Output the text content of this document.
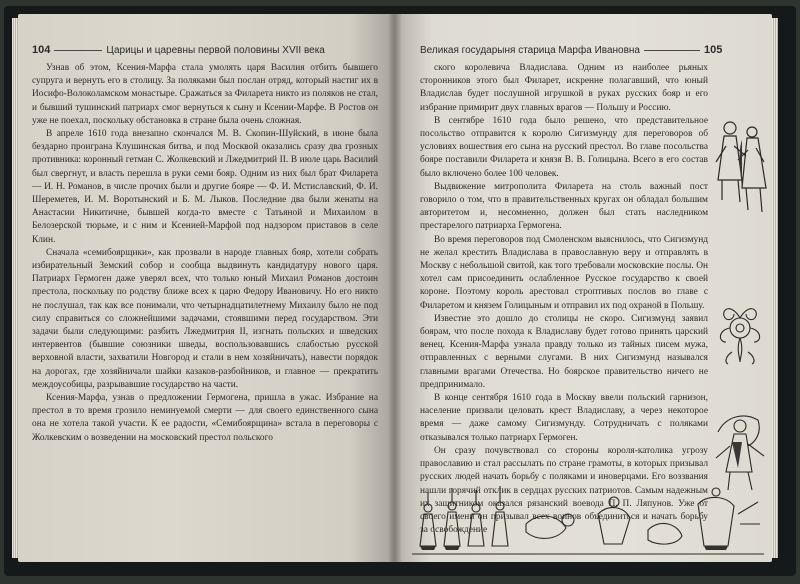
104	Царицы и царевны первой половины XVII века

Узнав об этом, Ксения-Марфа стала умолять царя Василия отбить бывшего супруга и вернуть его в столицу. За поляками был послан отряд, который настиг их в Иосифо-Волоколамском монастыре. Сражаться за Филарета никто из поляков не стал, и бывший тушинский патриарх смог вернуться к сыну и Ксении-Марфе. В Ростов он уже не поехал, поскольку обстановка в стране была очень сложная.

В апреле 1610 года внезапно скончался М. В. Скопин-Шуйский, в июне была бездарно проиграна Клушинская битва, и под Москвой оказались сразу два грозных противника: коронный гетман С. Жолкевский и Лжедмитрий II. В июле царь Василий был свергнут, и власть перешла в руки семи бояр. Одним из них был брат Филарета — И. Н. Романов, в числе прочих были и другие бояре — Ф. И. Мстиславский, Ф. И. Шереметев, И. М. Воротынский и Б. М. Лыков. Последние два были женаты на Анастасии Никитичне, бывшей когда-то вместе с Татьяной и Михаилом в Белозерской тюрьме, и с ним и Ксенией-Марфой под надзором приставов в селе Клин.

Сначала «семибоярщики», как прозвали в народе главных бояр, хотели собрать избирательный Земский собор и сообща выдвинуть кандидатуру нового царя. Патриарх Гермоген даже уверял всех, что только юный Михаил Романов достоин престола, поскольку по родству ближе всех к царю Федору Ивановичу. Но его никто не послушал, так как все понимали, что четырнадцатилетнему Михаилу было не под силу справиться со сложнейшими задачами, стоявшими перед государством. Эти задачи были следующими: разбить Лжедмитрия II, изгнать польских и шведских интервентов (бывшие союзники шведы, воспользовавшись слабостью русской верховной власти, захватили Новгород и стали в нем хозяйничать), навести порядок на дорогах, где хозяйничали шайки казаков-разбойников, и главное — прекратить междоусобицы, разрывавшие государство на части.

Ксения-Марфа, узнав о предложении Гермогена, пришла в ужас. Избрание на престол в то время грозило неминуемой смерти — для своего единственного сына она не хотела такой участи. К ее радости, «Семибоярщина» встала в переговоры с Жолкевским о возведении на московский престол польского

Великая государыня старица Марфа Ивановна	105

ского королевича Владислава. Одним из наиболее рьяных сторонников этого был Филарет, искренне полагавший, что юный Владислав будет послушной игрушкой в руках русских бояр и его избрание примирит двух главных врагов — Польшу и Россию.

В сентябре 1610 года было решено, что представительное посольство отправится к королю Сигизмунду для переговоров об условиях вошествия его сына на русский престол. Во главе посольства бояре поставили Филарета и князя В. В. Голицына. Всего в его состав было включено более 100 человек.

Выдвижение митрополита Филарета на столь важный пост говорило о том, что в правительственных кругах он обладал большим авторитетом и, несомненно, должен был стать наследником престарелого патриарха Гермогена.

Во время переговоров под Смоленском выяснилось, что Сигизмунд не желал крестить Владислава в православную веру и отправлять в Москву с небольшой свитой, как того требовали московские послы. Он хотел сам присоединить ослабленное Русское государство к своей короне. Поэтому король арестовал строптивых послов во главе с Филаретом и князем Голицыным и отправил их под охраной в Польшу.

Известие это дошло до столицы не скоро. Сигизмунд заявил боярам, что после похода к Владиславу будет готово принять царский венец. Ксения-Марфа узнала правду только из тайных писем мужа, отправленных с верными слугами. В них Сигизмунд назывался главными врагами Отечества. Но боярское правительство ничего не предпринимало.

В конце сентября 1610 года в Москву ввели польский гарнизон, население призвали целовать крест Владиславу, а через некоторое время — даже самому Сигизмунду. Сотрудничать с поляками отказывался только патриарх Гермоген.

Он сразу почувствовал со стороны короля-католика угрозу православию и стал рассылать по стране грамоты, в которых призывал русских людей начать борьбу с поляками и иноверцами. Его воззвания нашли горячий отклик в сердцах русских патриотов. Самым надежным их защитником оказался рязанский воевода П. П. Ляпунов. Уже от своего имени он призывал всех воинов объединиться и начать борьбу за освобождение
